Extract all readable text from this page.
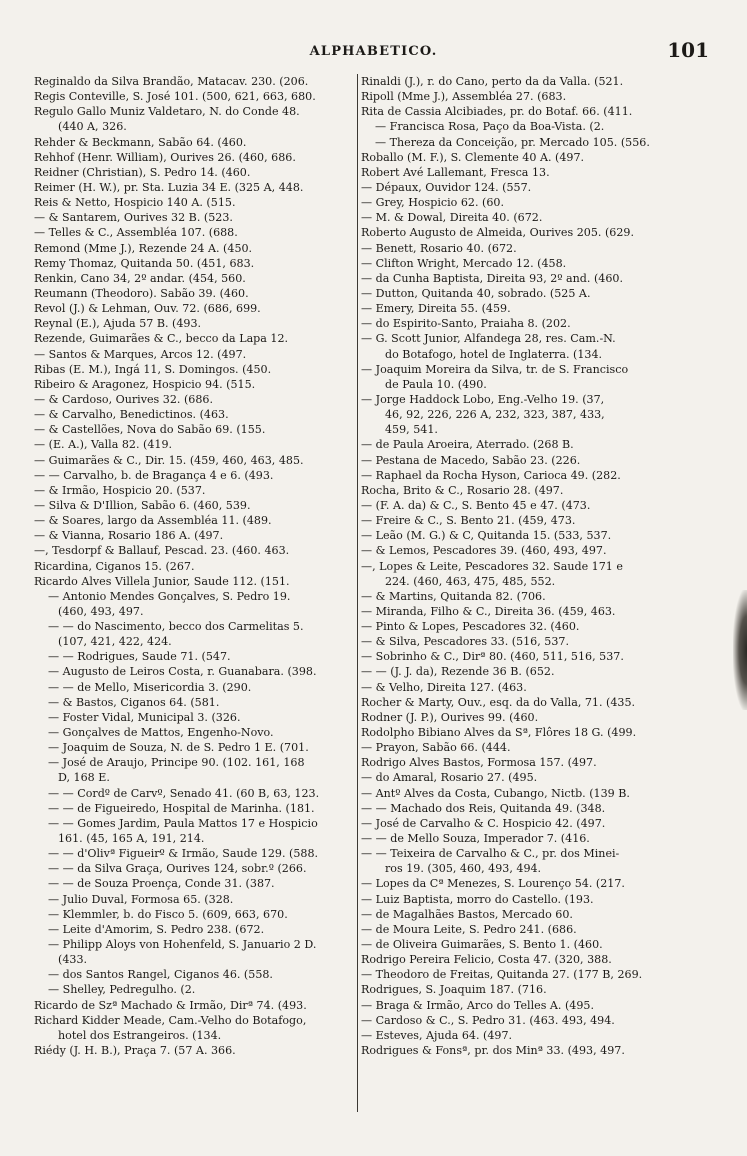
ALPHABETICO.	101
Reginaldo da Silva Brandão, Matacav. 230. (206.
Regis Conteville, S. José 101. (500, 621, 663, 680.
Regulo Gallo Muniz Valdetaro, N. do Conde 48.
(440 A, 326.
Rehder & Beckmann, Sabão 64. (460.
Rehhof (Henr. William), Ourives 26. (460, 686.
Reidner (Christian), S. Pedro 14. (460.
Reimer (H. W.), pr. Sta. Luzia 34 E. (325 A, 448.
Reis & Netto, Hospicio 140 A. (515.
— & Santarem, Ourives 32 B. (523.
— Telles & C., Assembléa 107. (688.
Remond (Mme J.), Rezende 24 A. (450.
Remy Thomaz, Quitanda 50. (451, 683.
Renkin, Cano 34, 2º andar. (454, 560.
Reumann (Theodoro). Sabão 39. (460.
Revol (J.) & Lehman, Ouv. 72. (686, 699.
Reynal (E.), Ajuda 57 B. (493.
Rezende, Guimarães & C., becco da Lapa 12.
— Santos & Marques, Arcos 12. (497.
Ribas (E. M.), Ingá 11, S. Domingos. (450.
Ribeiro & Aragonez, Hospicio 94. (515.
— & Cardoso, Ourives 32. (686.
— & Carvalho, Benedictinos. (463.
— & Castellões, Nova do Sabão 69. (155.
— (E. A.), Valla 82. (419.
— Guimarães & C., Dir. 15. (459, 460, 463, 485.
— — Carvalho, b. de Bragança 4 e 6. (493.
— & Irmão, Hospicio 20. (537.
— Silva & D'Illion, Sabão 6. (460, 539.
— & Soares, largo da Assembléa 11. (489.
— & Vianna, Rosario 186 A. (497.
—, Tesdorpf & Ballauf, Pescad. 23. (460. 463.
Ricardina, Ciganos 15. (267.
Ricardo Alves Villela Junior, Saude 112. (151.
— Antonio Mendes Gonçalves, S. Pedro 19.
(460, 493, 497.
— — do Nascimento, becco dos Carmelitas 5.
(107, 421, 422, 424.
— — Rodrigues, Saude 71. (547.
— Augusto de Leiros Costa, r. Guanabara. (398.
— — de Mello, Misericordia 3. (290.
— & Bastos, Ciganos 64. (581.
— Foster Vidal, Municipal 3. (326.
— Gonçalves de Mattos, Engenho-Novo.
— Joaquim de Souza, N. de S. Pedro 1 E. (701.
— José de Araujo, Principe 90. (102. 161, 168
D, 168 E.
— — Cordº de Carvº, Senado 41. (60 B, 63, 123.
— — de Figueiredo, Hospital de Marinha. (181.
— — Gomes Jardim, Paula Mattos 17 e Hospicio
161. (45, 165 A, 191, 214.
— — d'Olivª Figueirº & Irmão, Saude 129. (588.
— — da Silva Graça, Ourives 124, sobr.º (266.
— — de Souza Proença, Conde 31. (387.
— Julio Duval, Formosa 65. (328.
— Klemmler, b. do Fisco 5. (609, 663, 670.
— Leite d'Amorim, S. Pedro 238. (672.
— Philipp Aloys von Hohenfeld, S. Januario 2 D.
(433.
— dos Santos Rangel, Ciganos 46. (558.
— Shelley, Pedregulho. (2.
Ricardo de Szª Machado & Irmão, Dirª 74. (493.
Richard Kidder Meade, Cam.-Velho do Botafogo,
hotel dos Estrangeiros. (134.
Riédy (J. H. B.), Praça 7. (57 A. 366.
Rinaldi (J.), r. do Cano, perto da da Valla. (521.
Ripoll (Mme J.), Assembléa 27. (683.
Rita de Cassia Alcibiades, pr. do Botaf. 66. (411.
— Francisca Rosa, Paço da Boa-Vista. (2.
— Thereza da Conceição, pr. Mercado 105. (556.
Roballo (M. F.), S. Clemente 40 A. (497.
Robert Avé Lallemant, Fresca 13.
— Dépaux, Ouvidor 124. (557.
— Grey, Hospicio 62. (60.
— M. & Dowal, Direita 40. (672.
Roberto Augusto de Almeida, Ourives 205. (629.
— Benett, Rosario 40. (672.
— Clifton Wright, Mercado 12. (458.
— da Cunha Baptista, Direita 93, 2º and. (460.
— Dutton, Quitanda 40, sobrado. (525 A.
— Emery, Direita 55. (459.
— do Espirito-Santo, Praiaha 8. (202.
— G. Scott Junior, Alfandega 28, res. Cam.-N.
do Botafogo, hotel de Inglaterra. (134.
— Joaquim Moreira da Silva, tr. de S. Francisco
de Paula 10. (490.
— Jorge Haddock Lobo, Eng.-Velho 19. (37,
46, 92, 226, 226 A, 232, 323, 387, 433,
459, 541.
— de Paula Aroeira, Aterrado. (268 B.
— Pestana de Macedo, Sabão 23. (226.
— Raphael da Rocha Hyson, Carioca 49. (282.
Rocha, Brito & C., Rosario 28. (497.
— (F. A. da) & C., S. Bento 45 e 47. (473.
— Freire & C., S. Bento 21. (459, 473.
— Leão (M. G.) & C, Quitanda 15. (533, 537.
— & Lemos, Pescadores 39. (460, 493, 497.
—, Lopes & Leite, Pescadores 32. Saude 171 e
224. (460, 463, 475, 485, 552.
— & Martins, Quitanda 82. (706.
— Miranda, Filho & C., Direita 36. (459, 463.
— Pinto & Lopes, Pescadores 32. (460.
— & Silva, Pescadores 33. (516, 537.
— Sobrinho & C., Dirª 80. (460, 511, 516, 537.
— — (J. J. da), Rezende 36 B. (652.
— & Velho, Direita 127. (463.
Rocher & Marty, Ouv., esq. da do Valla, 71. (435.
Rodner (J. P.), Ourives 99. (460.
Rodolpho Bibiano Alves da Sª, Flôres 18 G. (499.
— Prayon, Sabão 66. (444.
Rodrigo Alves Bastos, Formosa 157. (497.
— do Amaral, Rosario 27. (495.
— Antº Alves da Costa, Cubango, Nictb. (139 B.
— — Machado dos Reis, Quitanda 49. (348.
— José de Carvalho & C. Hospicio 42. (497.
— — de Mello Souza, Imperador 7. (416.
— — Teixeira de Carvalho & C., pr. dos Minei-
ros 19. (305, 460, 493, 494.
— Lopes da Cª Menezes, S. Lourenço 54. (217.
— Luiz Baptista, morro do Castello. (193.
— de Magalhães Bastos, Mercado 60.
— de Moura Leite, S. Pedro 241. (686.
— de Oliveira Guimarães, S. Bento 1. (460.
Rodrigo Pereira Felicio, Costa 47. (320, 388.
— Theodoro de Freitas, Quitanda 27. (177 B, 269.
Rodrigues, S. Joaquim 187. (716.
— Braga & Irmão, Arco do Telles A. (495.
— Cardoso & C., S. Pedro 31. (463. 493, 494.
— Esteves, Ajuda 64. (497.
Rodrigues & Fonsª, pr. dos Minª 33. (493, 497.
